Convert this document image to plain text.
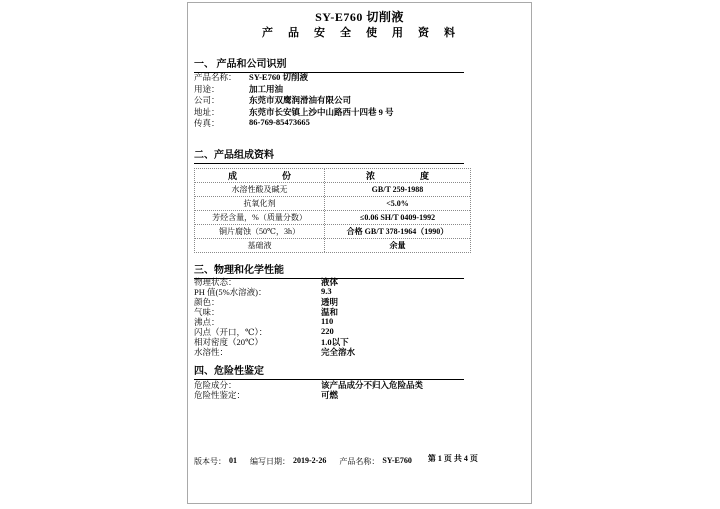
SY-E760 切削液
产　品　安　全　使　用　资　料
一、 产品和公司识别
产品名称： SY-E760 切削液
用途：	加工用油
公司：	东莞市双鹰润滑油有限公司
地址：	东莞市长安镇上沙中山路西十四巷 9 号
传真：	86-769-85473665
二、产品组成资料
成　　　　　份	浓　　　　　度
水溶性酸及碱无	GB/T 259-1988
抗氧化剂	<5.0%
芳烃含量，%（质量分数）	≤0.06 SH/T 0409-1992
铜片腐蚀（50℃，3h）	合格 GB/T 378-1964（1990）
基础液	余量
三、物理和化学性能
物理状态：	液体
PH 值(5%水溶液)：	9.3
颜色：	透明
气味：	温和
沸点：	110
闪点（开口，℃）：	220
相对密度（20℃）	1.0以下
水溶性：	完全溶水
四、危险性鉴定
危险成分：	该产品成分不归入危险品类
危险性鉴定：	可燃
版本号： 01 编写日期： 2019-2-26 产品名称： SY-E760 第 1 页 共 4 页
